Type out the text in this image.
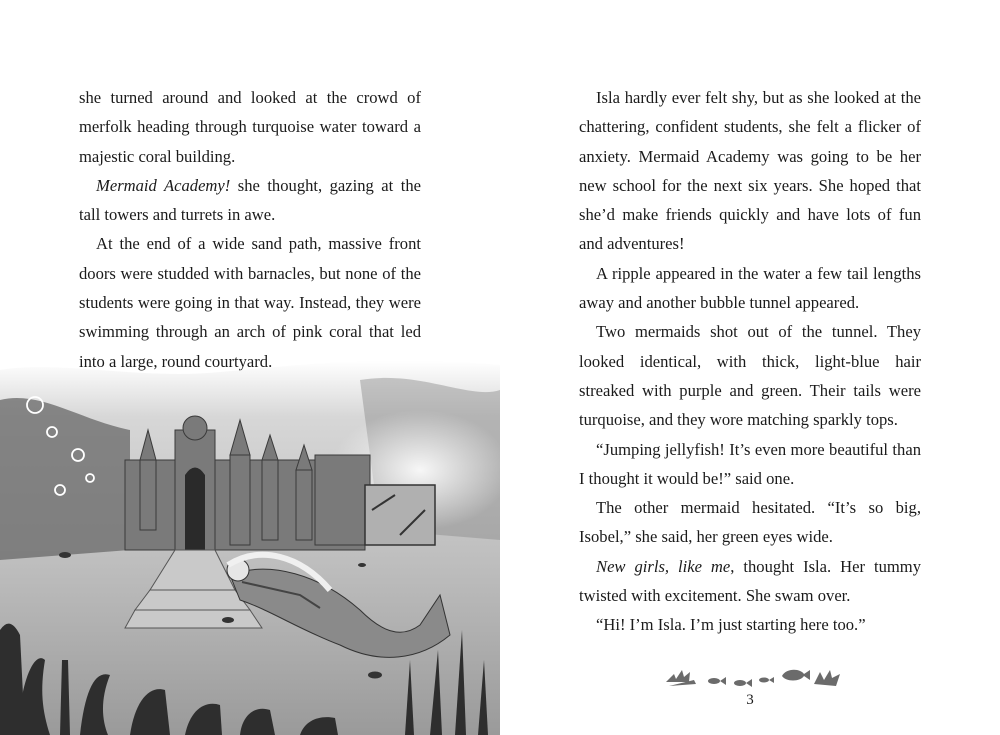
she turned around and looked at the crowd of merfolk heading through turquoise water toward a majestic coral building.

Mermaid Academy! she thought, gazing at the tall towers and turrets in awe.

At the end of a wide sand path, massive front doors were studded with barnacles, but none of the students were going in that way. Instead, they were swimming through an arch of pink coral that led into a large, round courtyard.

Isla hardly ever felt shy, but as she looked at the chattering, confident students, she felt a flicker of anxiety. Mermaid Academy was going to be her new school for the next six years. She hoped that she’d make friends quickly and have lots of fun and adventures!

A ripple appeared in the water a few tail lengths away and another bubble tunnel appeared.

Two mermaids shot out of the tunnel. They looked identical, with thick, light-blue hair streaked with purple and green. Their tails were turquoise, and they wore matching sparkly tops.

“Jumping jellyfish! It’s even more beautiful than I thought it would be!” said one.

The other mermaid hesitated. “It’s so big, Isobel,” she said, her green eyes wide.

New girls, like me, thought Isla. Her tummy twisted with excitement. She swam over.

“Hi! I’m Isla. I’m just starting here too.”

3
